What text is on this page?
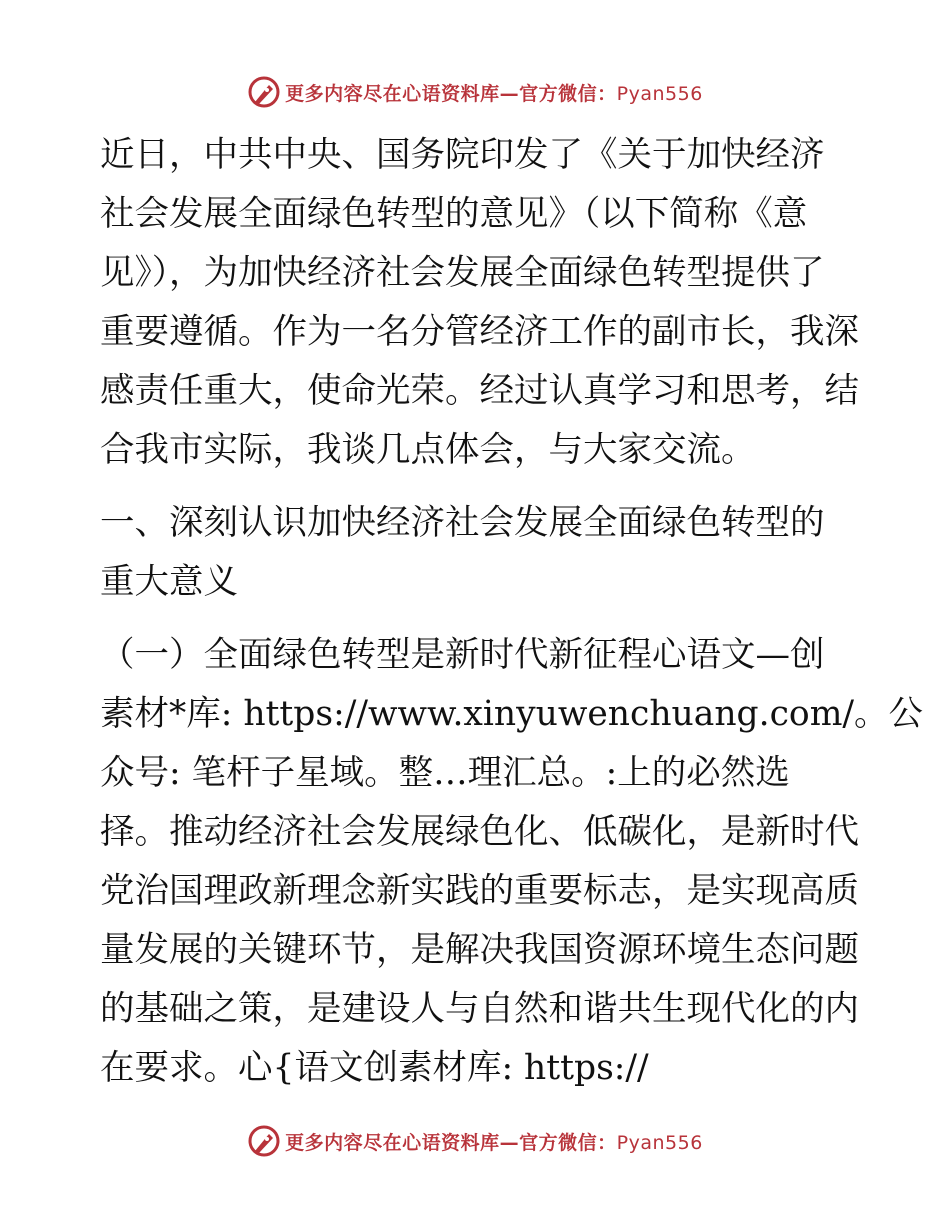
更多内容尽在心语资料库—官方微信：Pyan556
近日，中共中央、国务院印发了《关于加快经济
社会发展全面绿色转型的意见》（以下简称《意
见》），为加快经济社会发展全面绿色转型提供了
重要遵循。作为一名分管经济工作的副市长，我深
感责任重大，使命光荣。经过认真学习和思考，结
合我市实际，我谈几点体会，与大家交流。
一、深刻认识加快经济社会发展全面绿色转型的
重大意义
（一）全面绿色转型是新时代新征程心语文—创
素材*库: https://www.xinyuwenchuang.com/。公
众号: 笔杆子星域。整…理汇总。:上的必然选
择。推动经济社会发展绿色化、低碳化，是新时代
党治国理政新理念新实践的重要标志，是实现高质
量发展的关键环节，是解决我国资源环境生态问题
的基础之策，是建设人与自然和谐共生现代化的内
在要求。心{语文创素材库: https://
更多内容尽在心语资料库—官方微信：Pyan556
